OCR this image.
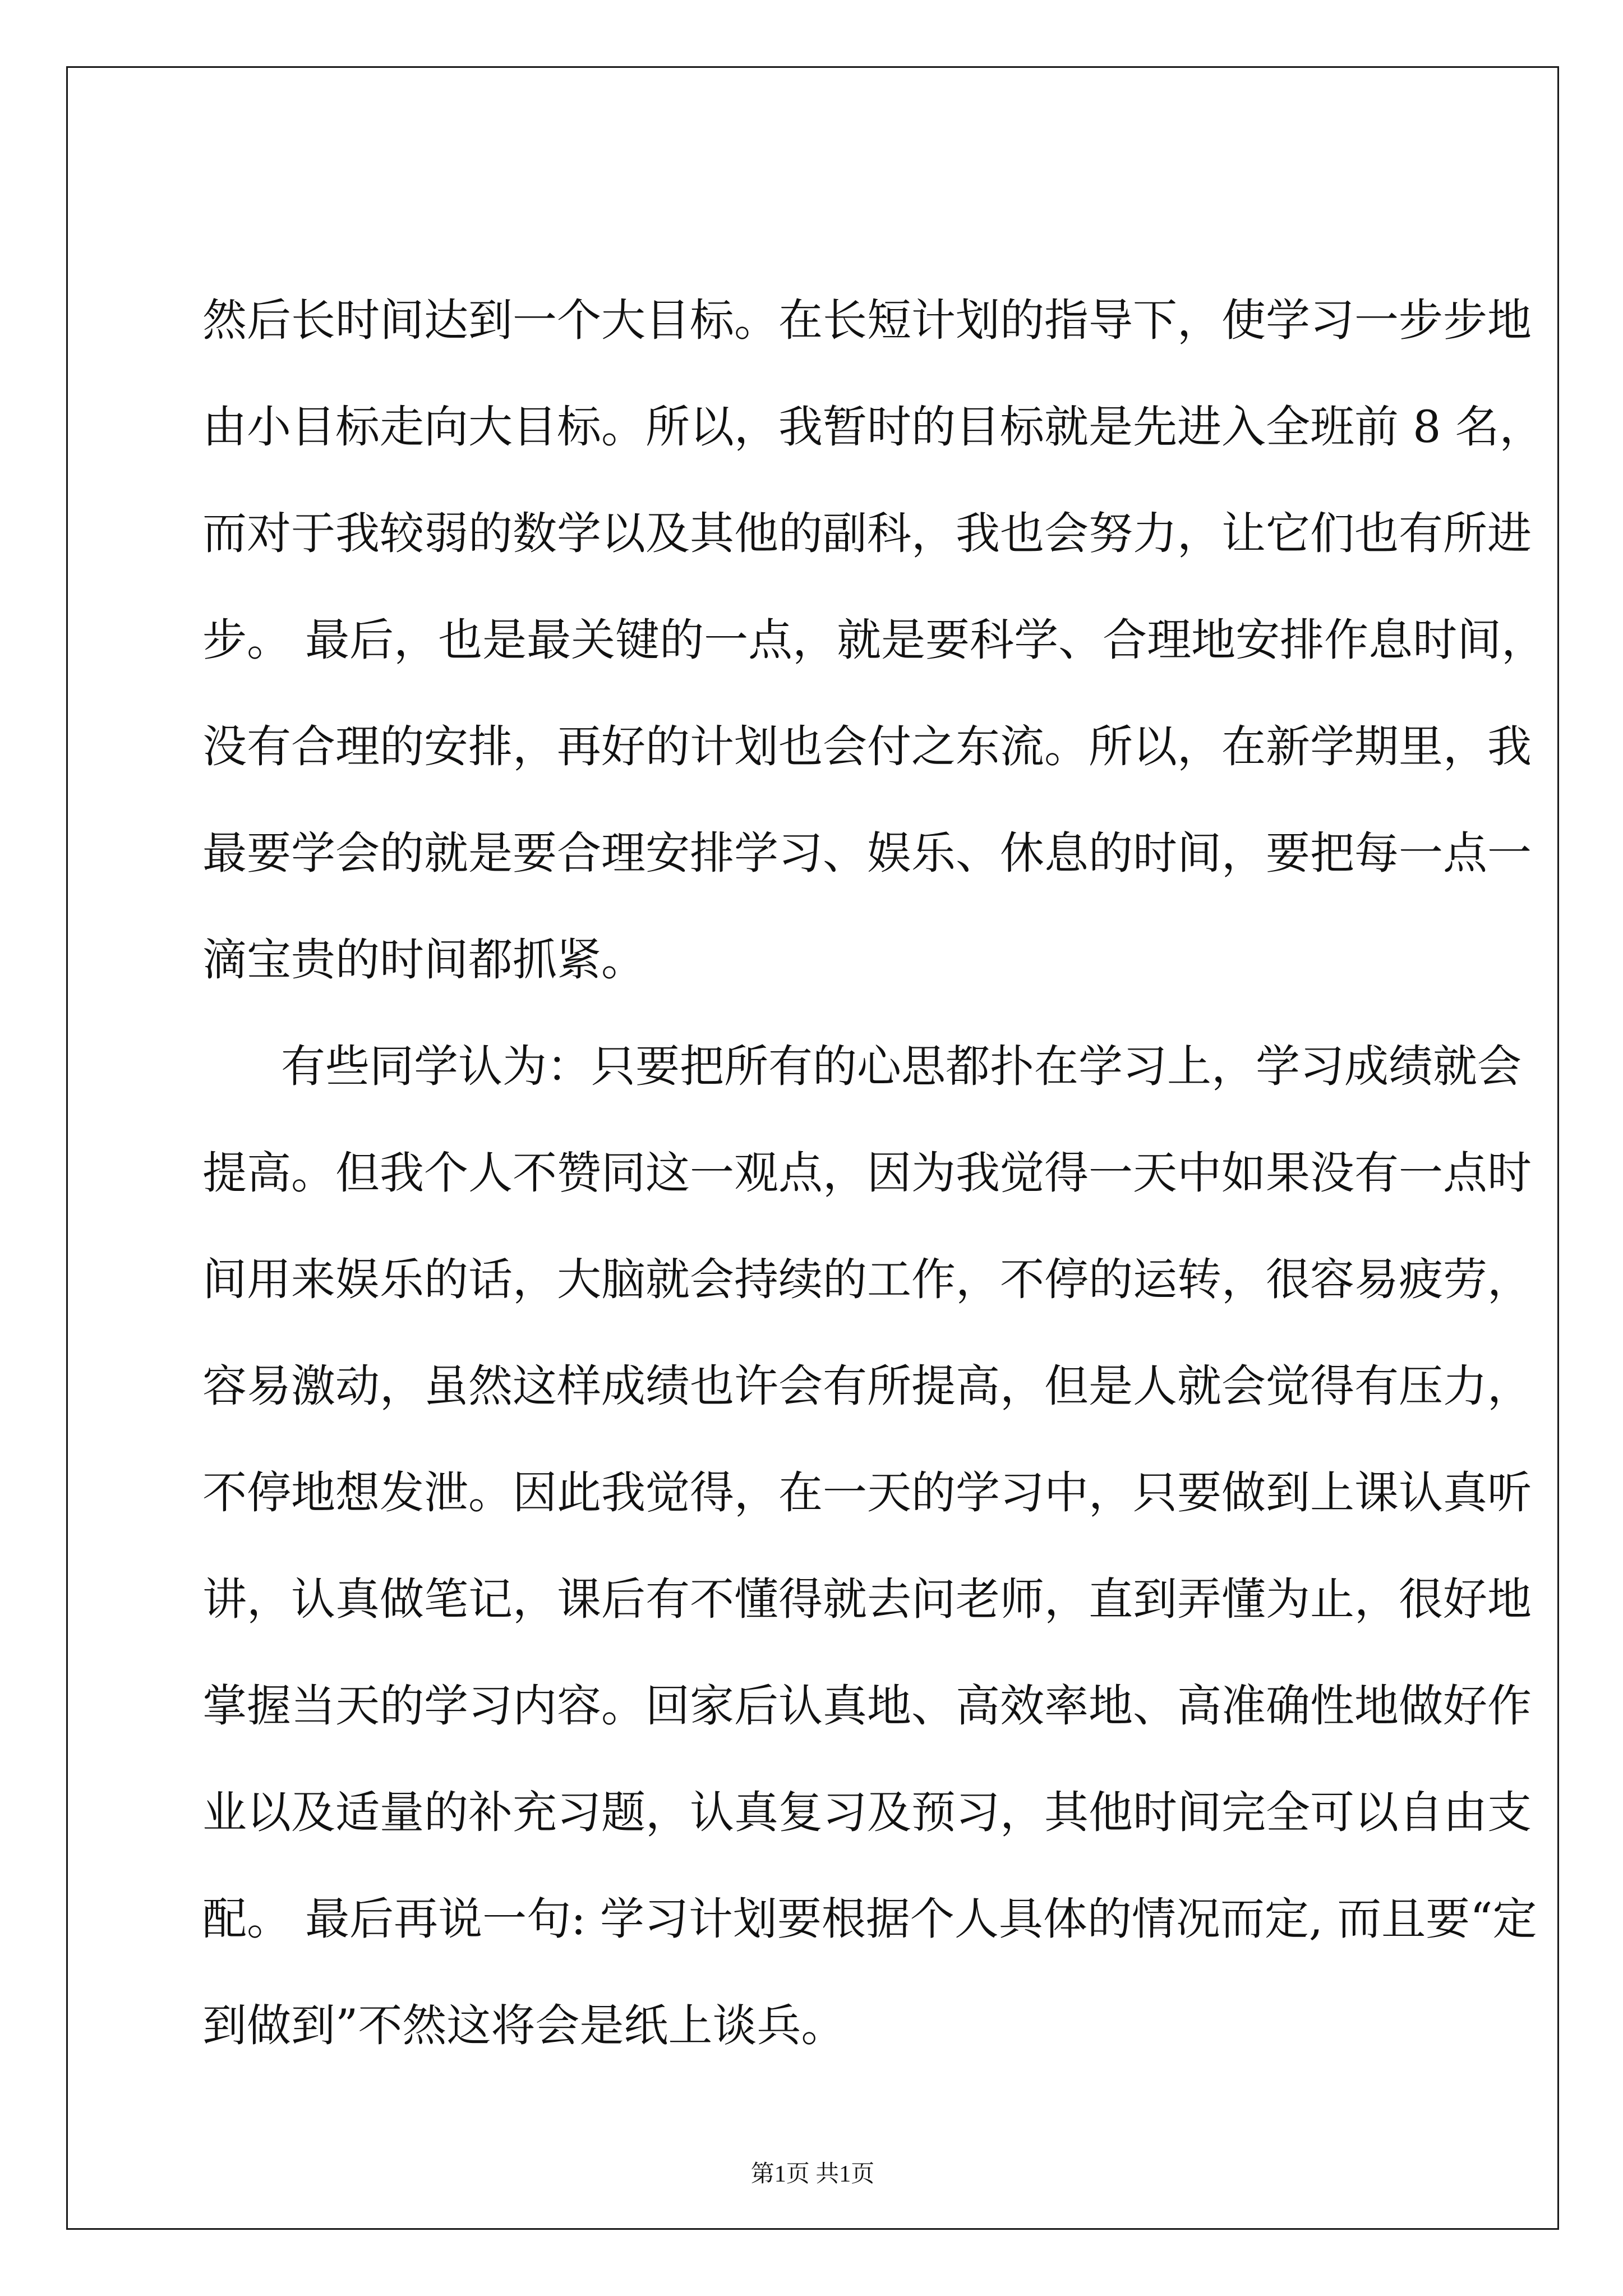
然后长时间达到一个大目标。在长短计划的指导下，使学习一步步地
由小目标走向大目标。所以，我暂时的目标就是先进入全班前 8 名，
而对于我较弱的数学以及其他的副科，我也会努力，让它们也有所进
步。 最后，也是最关键的一点，就是要科学、合理地安排作息时间，
没有合理的安排，再好的计划也会付之东流。所以，在新学期里，我
最要学会的就是要合理安排学习、娱乐、休息的时间，要把每一点一
滴宝贵的时间都抓紧。
有些同学认为：只要把所有的心思都扑在学习上，学习成绩就会
提高。但我个人不赞同这一观点，因为我觉得一天中如果没有一点时
间用来娱乐的话，大脑就会持续的工作，不停的运转，很容易疲劳，
容易激动，虽然这样成绩也许会有所提高，但是人就会觉得有压力，
不停地想发泄。因此我觉得，在一天的学习中，只要做到上课认真听
讲，认真做笔记，课后有不懂得就去问老师，直到弄懂为止，很好地
掌握当天的学习内容。回家后认真地、高效率地、高准确性地做好作
业以及适量的补充习题，认真复习及预习，其他时间完全可以自由支
配。 最后再说一句: 学习计划要根据个人具体的情况而定, 而且要“定
到做到”不然这将会是纸上谈兵。
第1页 共1页
